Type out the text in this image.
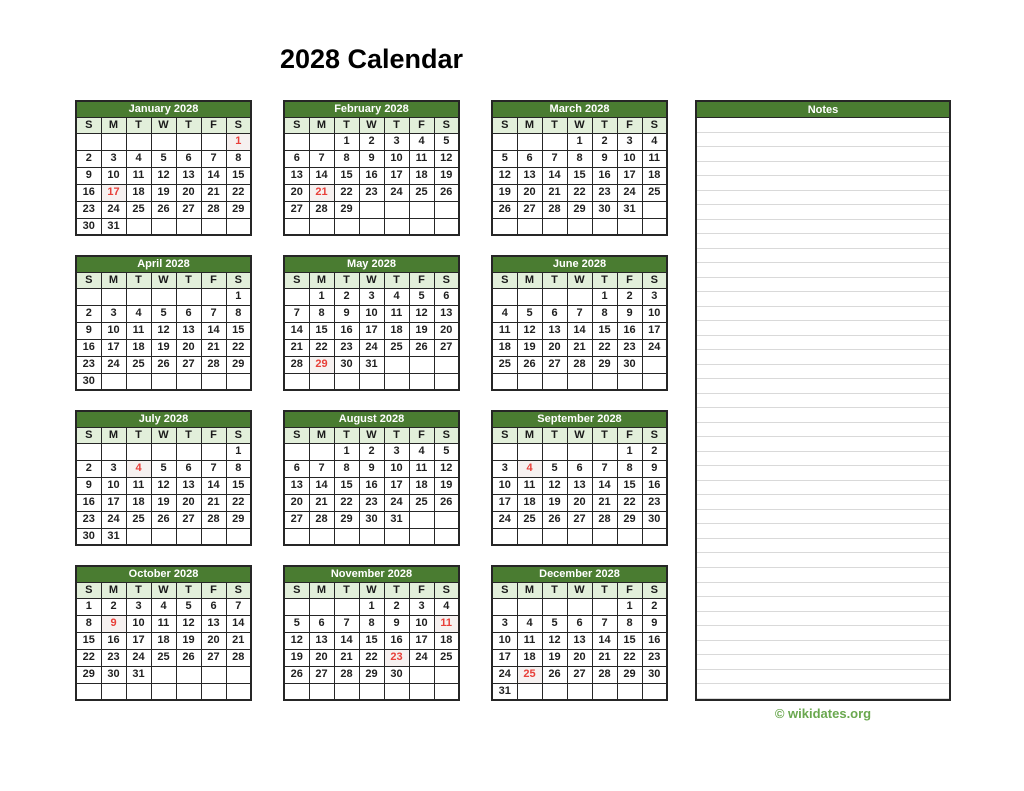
2028 Calendar
January 2028						
S	M	T	W	T	F	S
						1
2	3	4	5	6	7	8
9	10	11	12	13	14	15
16	17	18	19	20	21	22
23	24	25	26	27	28	29
30	31					
February 2028						
S	M	T	W	T	F	S
		1	2	3	4	5
6	7	8	9	10	11	12
13	14	15	16	17	18	19
20	21	22	23	24	25	26
27	28	29				

March 2028						
S	M	T	W	T	F	S
			1	2	3	4
5	6	7	8	9	10	11
12	13	14	15	16	17	18
19	20	21	22	23	24	25
26	27	28	29	30	31	

April 2028						
S	M	T	W	T	F	S
						1
2	3	4	5	6	7	8
9	10	11	12	13	14	15
16	17	18	19	20	21	22
23	24	25	26	27	28	29
30						
May 2028						
S	M	T	W	T	F	S
	1	2	3	4	5	6
7	8	9	10	11	12	13
14	15	16	17	18	19	20
21	22	23	24	25	26	27
28	29	30	31			

June 2028						
S	M	T	W	T	F	S
				1	2	3
4	5	6	7	8	9	10
11	12	13	14	15	16	17
18	19	20	21	22	23	24
25	26	27	28	29	30	

July 2028						
S	M	T	W	T	F	S
						1
2	3	4	5	6	7	8
9	10	11	12	13	14	15
16	17	18	19	20	21	22
23	24	25	26	27	28	29
30	31					
August 2028						
S	M	T	W	T	F	S
		1	2	3	4	5
6	7	8	9	10	11	12
13	14	15	16	17	18	19
20	21	22	23	24	25	26
27	28	29	30	31		

September 2028						
S	M	T	W	T	F	S
					1	2
3	4	5	6	7	8	9
10	11	12	13	14	15	16
17	18	19	20	21	22	23
24	25	26	27	28	29	30

October 2028						
S	M	T	W	T	F	S
1	2	3	4	5	6	7
8	9	10	11	12	13	14
15	16	17	18	19	20	21
22	23	24	25	26	27	28
29	30	31				

November 2028						
S	M	T	W	T	F	S
			1	2	3	4
5	6	7	8	9	10	11
12	13	14	15	16	17	18
19	20	21	22	23	24	25
26	27	28	29	30		

December 2028						
S	M	T	W	T	F	S
					1	2
3	4	5	6	7	8	9
10	11	12	13	14	15	16
17	18	19	20	21	22	23
24	25	26	27	28	29	30
31						
Notes
© wikidates.org
